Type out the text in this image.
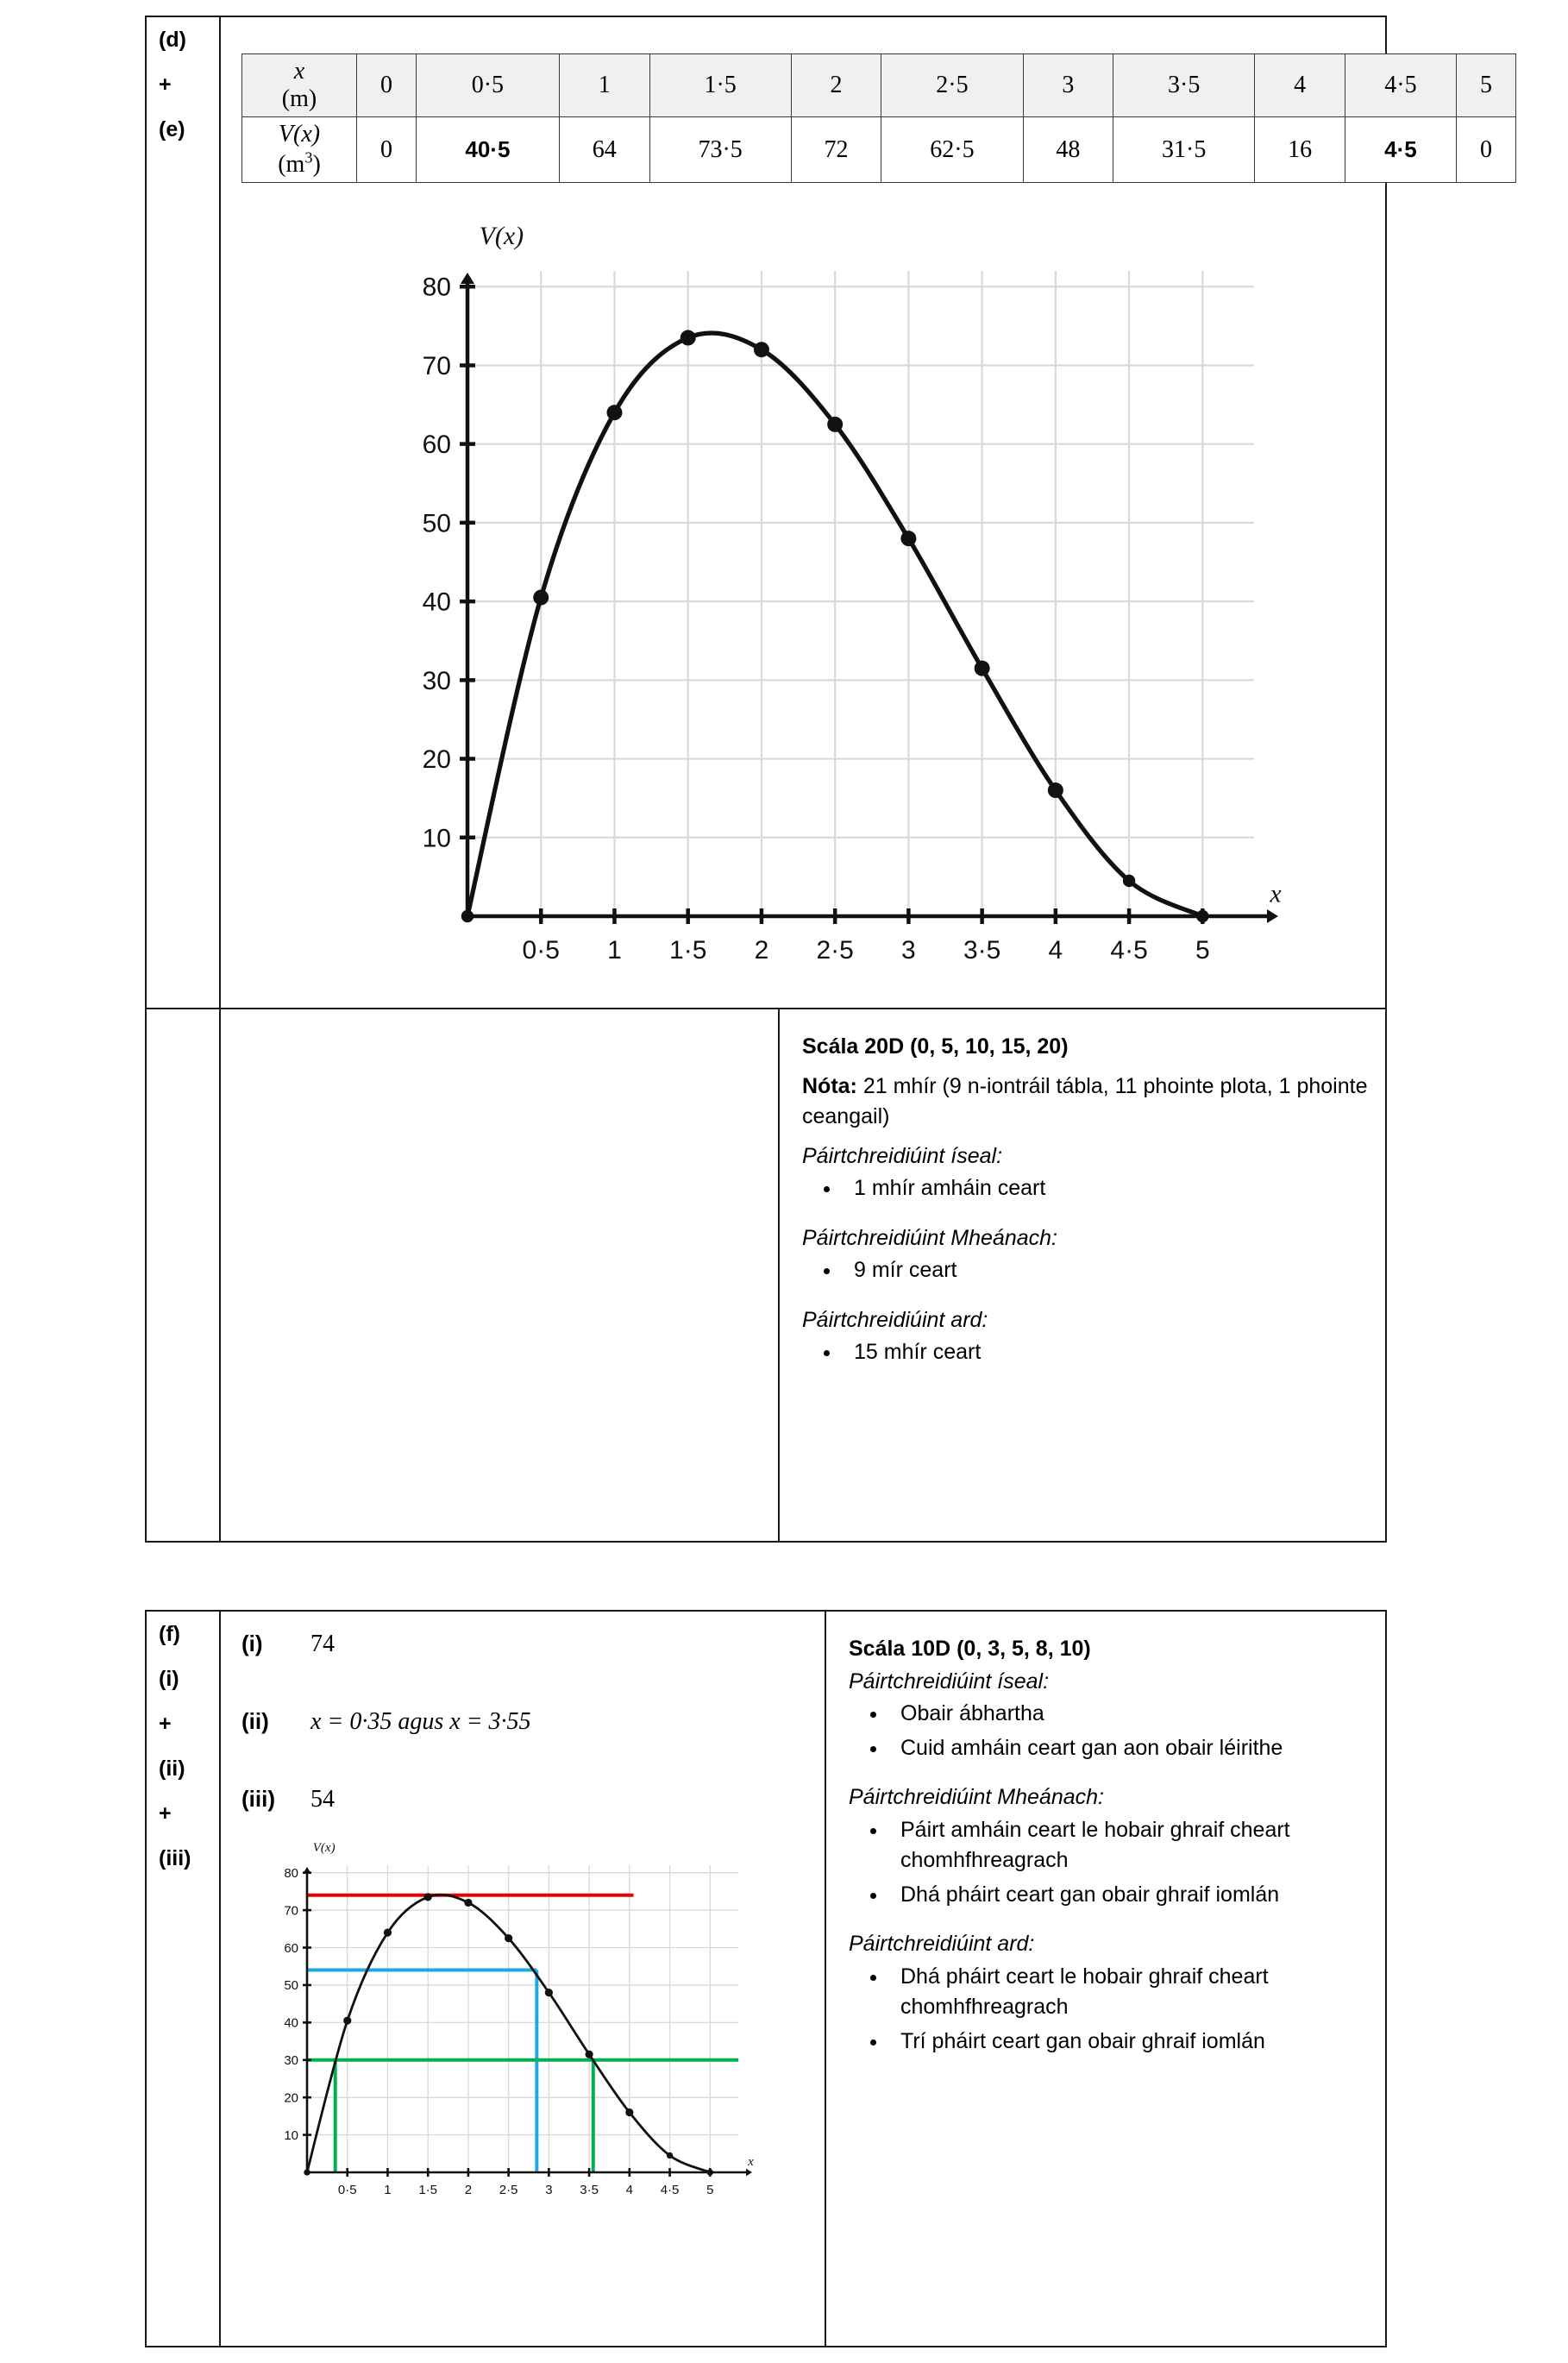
(d)
+
(e)
x
(m)	0	0·5	1	1·5	2	2·5	3	3·5	4	4·5	5
V(x)
$(m^3)$	0	40·5	64	73·5	72	62·5	48	31·5	16	4·5	0
10
20
30
40
50
60
70
80
0·5 1 1·5 2 2·5 3 3·5 4 4·5 5
V(x)
x

Scála 20D (0, 5, 10, 15, 20)

Nóta: 21 mhír (9 n-iontráil tábla, 11 phointe plota, 1 phointe ceangail)

Páirtchreidiúint íseal:

• 1 mhír amháin ceart

Páirtchreidiúint Mheánach:

• 9 mír ceart

Páirtchreidiúint ard:

• 15 mhír ceart
(f)
(i)
+
(ii)
+
(iii)
(i)	74
(ii)	x = 0·35 agus x = 3·55
(iii)	54
10
20
30
40
50
60
70
80
0·5 1 1·5 2 2·5 3 3·5 4 4·5 5
V(x)
x

Scála 10D (0, 3, 5, 8, 10)

Páirtchreidiúint íseal:

• Obair ábhartha
• Cuid amháin ceart gan aon obair léirithe

Páirtchreidiúint Mheánach:

• Páirt amháin ceart le hobair ghraif cheart chomhfhreagrach
• Dhá pháirt ceart gan obair ghraif iomlán

Páirtchreidiúint ard:

• Dhá pháirt ceart le hobair ghraif cheart chomhfhreagrach
• Trí pháirt ceart gan obair ghraif iomlán
